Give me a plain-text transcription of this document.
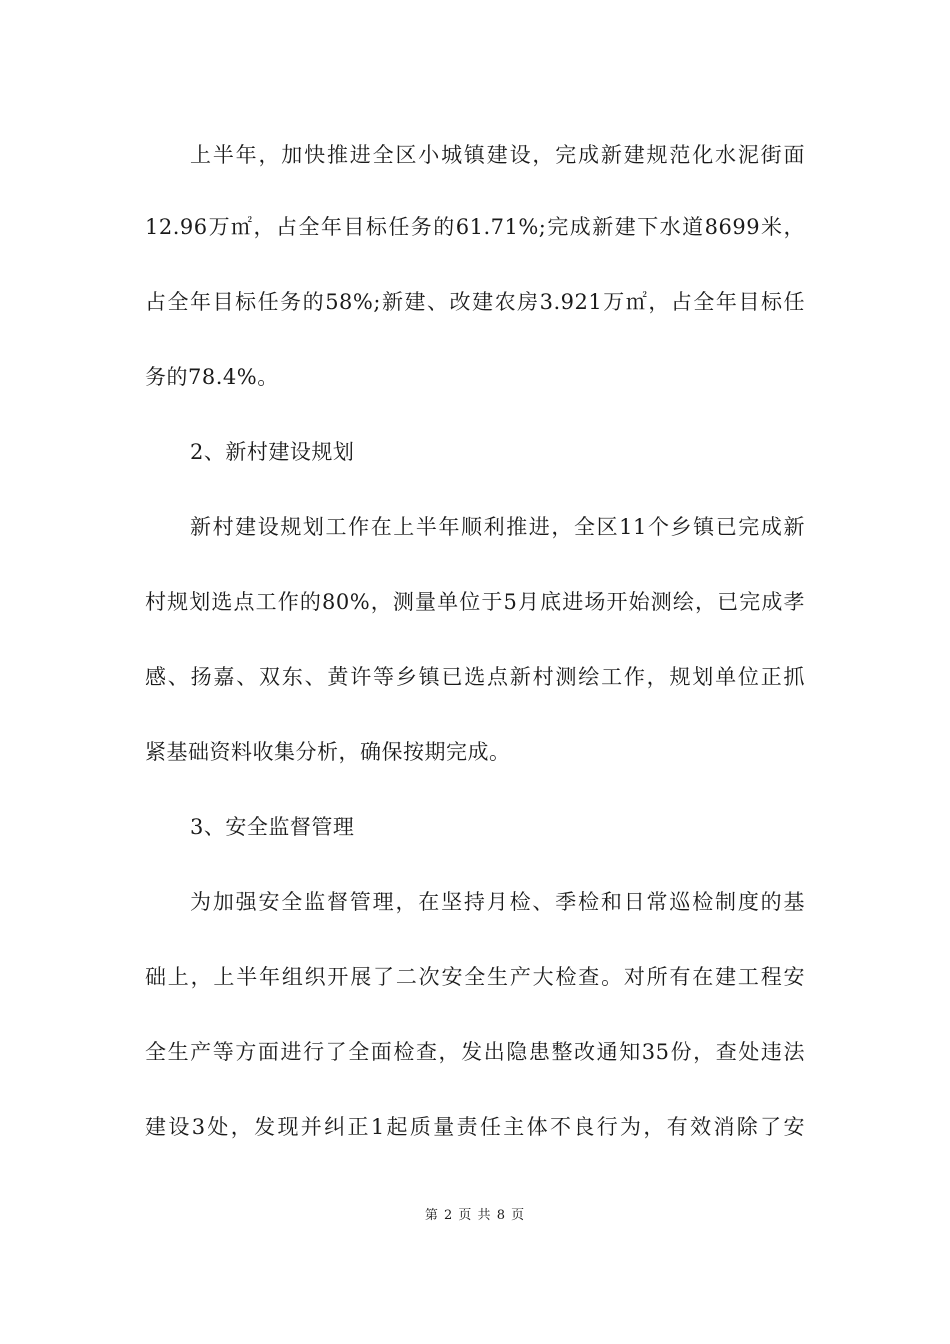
上半年，加快推进全区小城镇建设，完成新建规范化水泥街面
12.96万㎡，占全年目标任务的61.71%;完成新建下水道8699米，
占全年目标任务的58%;新建、改建农房3.921万㎡，占全年目标任
务的78.4%。
2、新村建设规划
新村建设规划工作在上半年顺利推进，全区11个乡镇已完成新
村规划选点工作的80%，测量单位于5月底进场开始测绘，已完成孝
感、扬嘉、双东、黄许等乡镇已选点新村测绘工作，规划单位正抓
紧基础资料收集分析，确保按期完成。
3、安全监督管理
为加强安全监督管理，在坚持月检、季检和日常巡检制度的基
础上，上半年组织开展了二次安全生产大检查。对所有在建工程安
全生产等方面进行了全面检查，发出隐患整改通知35份，查处违法
建设3处，发现并纠正1起质量责任主体不良行为，有效消除了安
第 2 页 共 8 页
